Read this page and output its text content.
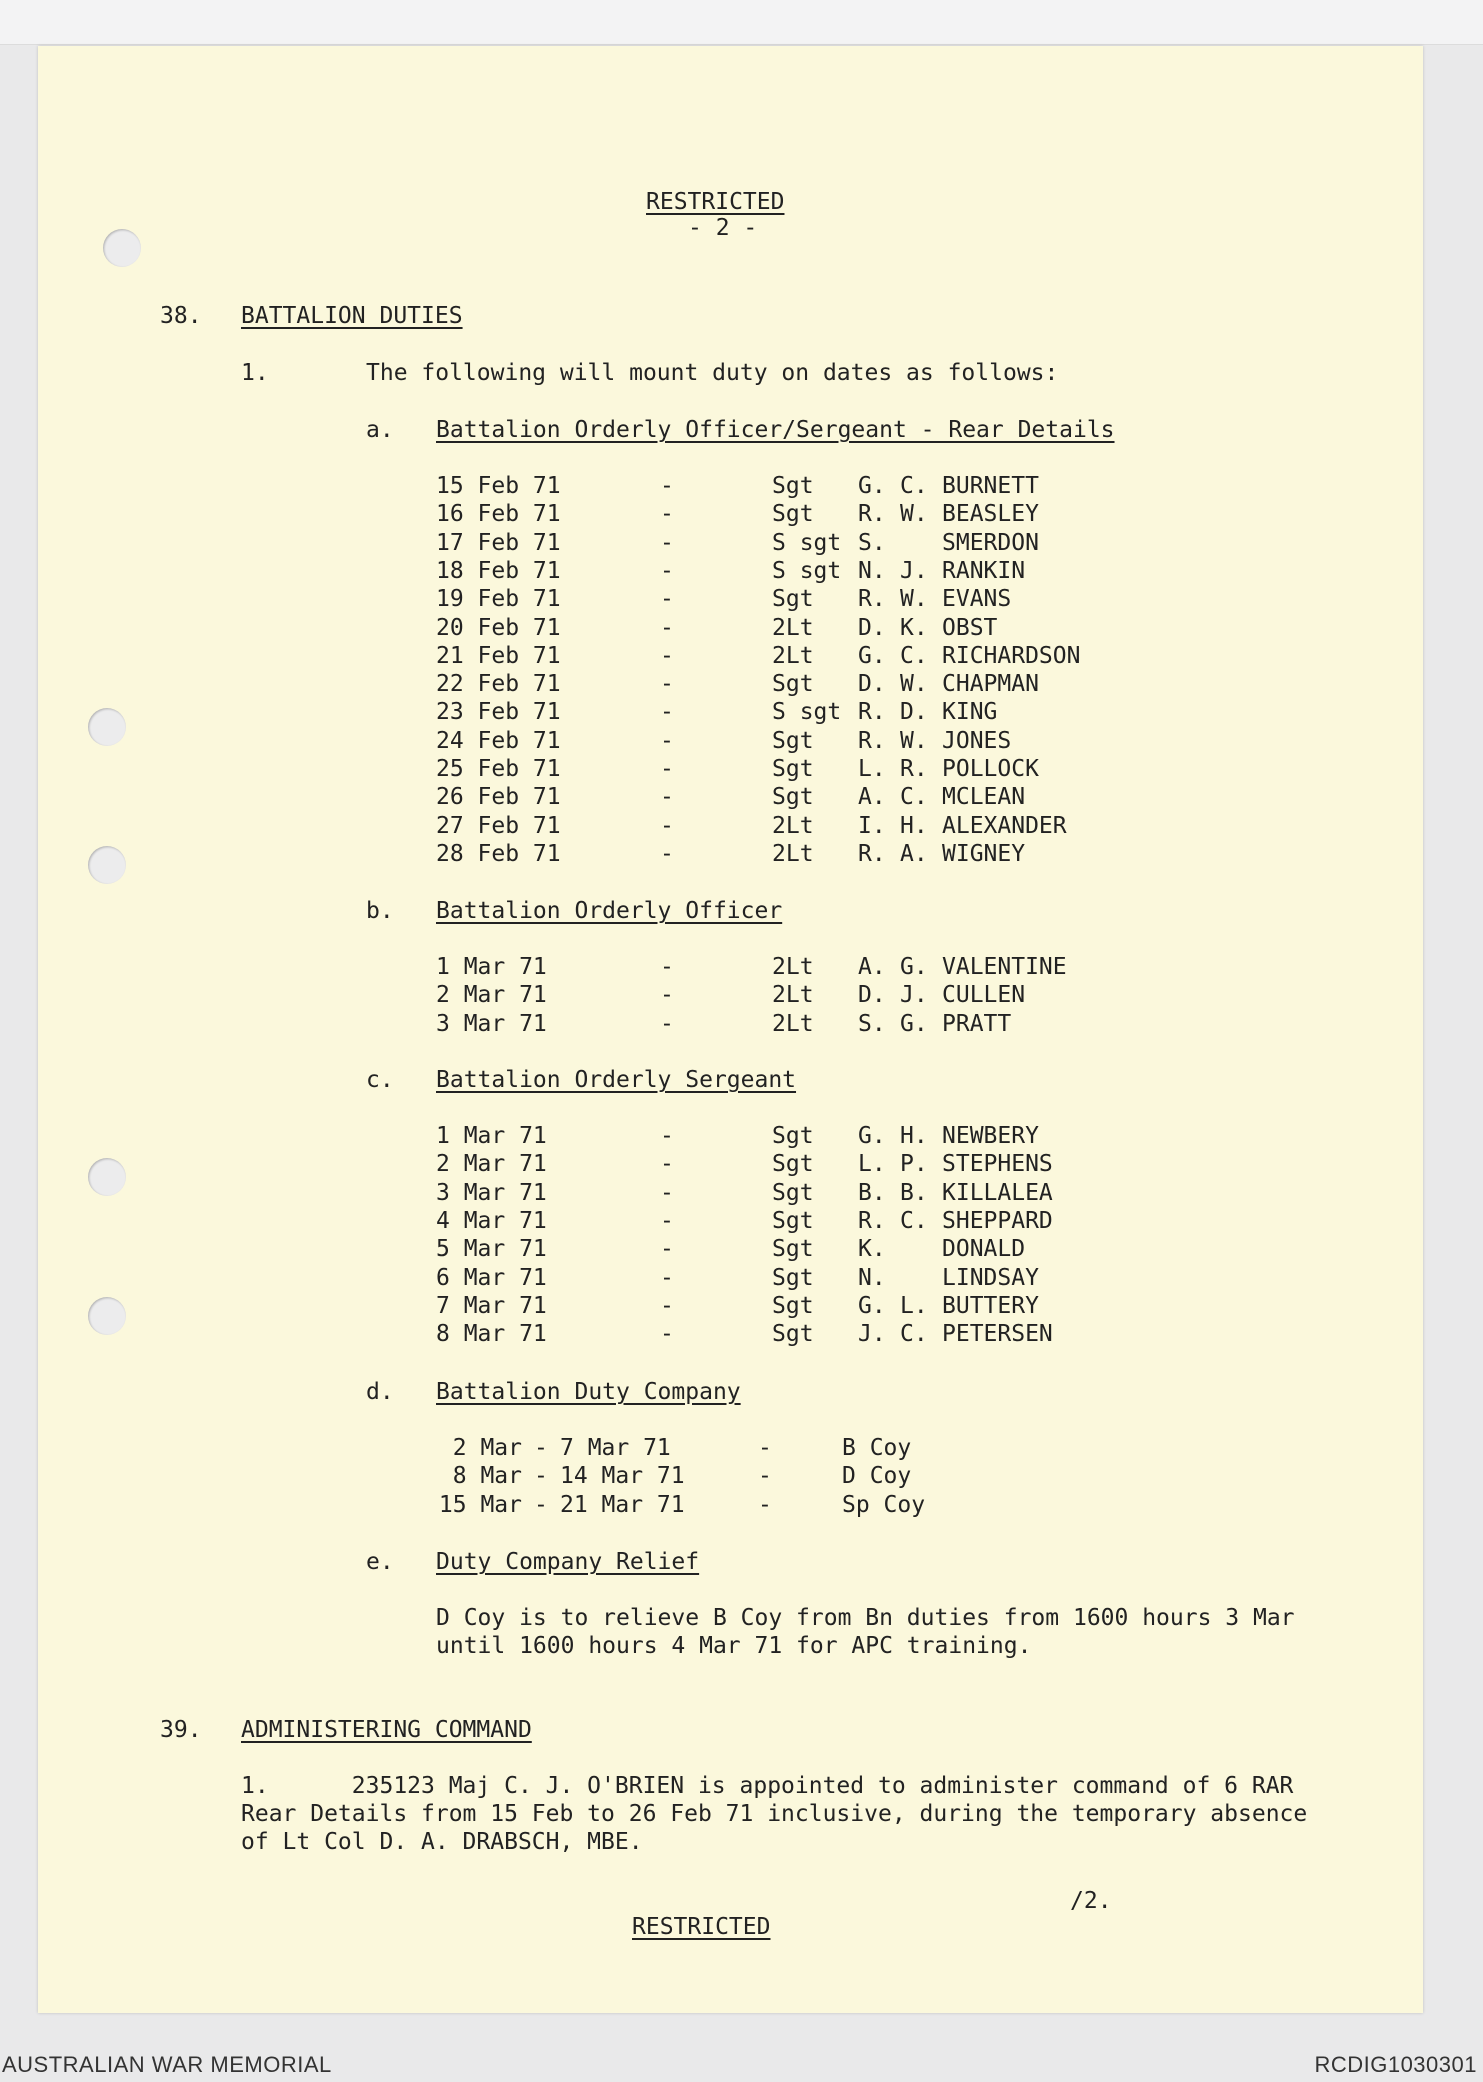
RESTRICTED
- 2 -
38. BATTALION DUTIES
1.	The following will mount duty on dates as follows:
a. Battalion Orderly Officer/Sergeant - Rear Details
15 Feb 71	-	Sgt G. C. BURNETT
16 Feb 71	-	Sgt R. W. BEASLEY
17 Feb 71	-	S sgt S. SMERDON
18 Feb 71	-	S sgt N. J. RANKIN
19 Feb 71	-	Sgt R. W. EVANS
20 Feb 71	-	2Lt D. K. OBST
21 Feb 71	-	2Lt G. C. RICHARDSON
22 Feb 71	-	Sgt D. W. CHAPMAN
23 Feb 71	-	S sgt R. D. KING
24 Feb 71	-	Sgt R. W. JONES
25 Feb 71	-	Sgt L. R. POLLOCK
26 Feb 71	-	Sgt A. C. MCLEAN
27 Feb 71	-	2Lt I. H. ALEXANDER
28 Feb 71	-	2Lt R. A. WIGNEY
b. Battalion Orderly Officer
1 Mar 71	-	2Lt A. G. VALENTINE
2 Mar 71	-	2Lt D. J. CULLEN
3 Mar 71	-	2Lt S. G. PRATT
c. Battalion Orderly Sergeant
1 Mar 71	-	Sgt G. H. NEWBERY
2 Mar 71	-	Sgt L. P. STEPHENS
3 Mar 71	-	Sgt B. B. KILLALEA
4 Mar 71	-	Sgt R. C. SHEPPARD
5 Mar 71	-	Sgt K. DONALD
6 Mar 71	-	Sgt N. LINDSAY
7 Mar 71	-	Sgt G. L. BUTTERY
8 Mar 71	-	Sgt J. C. PETERSEN
d. Battalion Duty Company
2 Mar - 7 Mar 71	-	B Coy
8 Mar - 14 Mar 71	-	D Coy
15 Mar - 21 Mar 71	-	Sp Coy
e. Duty Company Relief
D Coy is to relieve B Coy from Bn duties from 1600 hours 3 Mar
until 1600 hours 4 Mar 71 for APC training.
39. ADMINISTERING COMMAND
1.      235123 Maj C. J. O'BRIEN is appointed to administer command of 6 RAR
Rear Details from 15 Feb to 26 Feb 71 inclusive, during the temporary absence
of Lt Col D. A. DRABSCH, MBE.
/2.
RESTRICTED
AUSTRALIAN WAR MEMORIAL	RCDIG1030301
